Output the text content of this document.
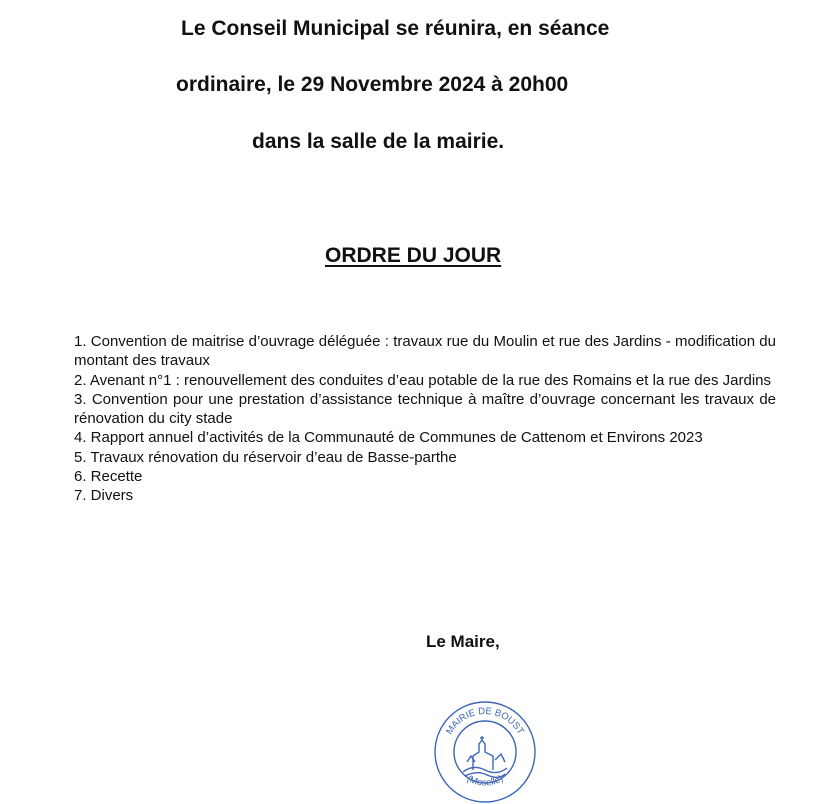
Le Conseil Municipal se réunira, en séance
ordinaire, le 29 Novembre 2024 à 20h00
dans la salle de la mairie.
ORDRE DU JOUR
1. Convention de maitrise d’ouvrage déléguée : travaux rue du Moulin et rue des Jardins - modification du montant des travaux
2. Avenant n°1 : renouvellement des conduites d’eau potable de la rue des Romains et la rue des Jardins
3. Convention pour une prestation d’assistance technique à maître d’ouvrage concernant les travaux de rénovation du city stade
4. Rapport annuel d’activités de la Communauté de Communes de Cattenom et Environs 2023
5. Travaux rénovation du réservoir d’eau de Basse-parthe
6. Recette
7. Divers
Le Maire,
MAIRIE DE BOUST
(Moselle)
